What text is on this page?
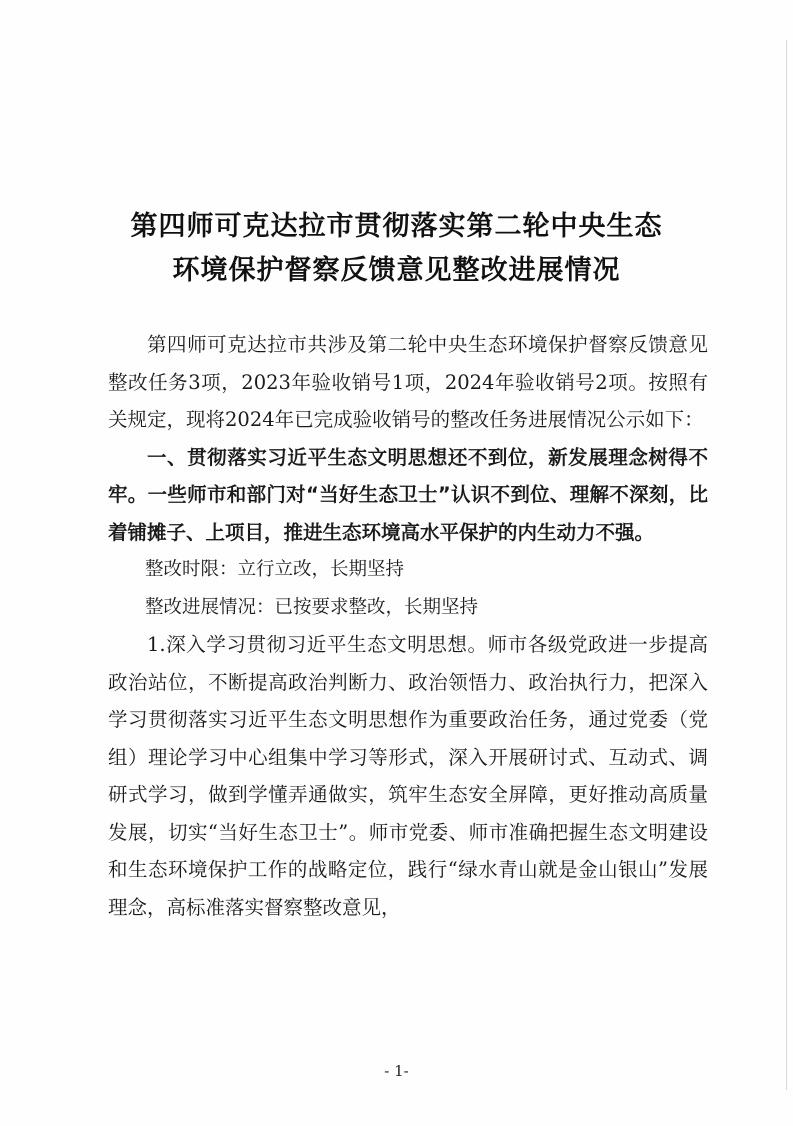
第四师可克达拉市贯彻落实第二轮中央生态
环境保护督察反馈意见整改进展情况

第四师可克达拉市共涉及第二轮中央生态环境保护督察反馈意见整改任务3项，2023年验收销号1项，2024年验收销号2项。按照有关规定，现将2024年已完成验收销号的整改任务进展情况公示如下：

一、贯彻落实习近平生态文明思想还不到位，新发展理念树得不牢。一些师市和部门对“当好生态卫士”认识不到位、理解不深刻，比着铺摊子、上项目，推进生态环境高水平保护的内生动力不强。

整改时限：立行立改，长期坚持

整改进展情况：已按要求整改，长期坚持

1.深入学习贯彻习近平生态文明思想。师市各级党政进一步提高政治站位，不断提高政治判断力、政治领悟力、政治执行力，把深入学习贯彻落实习近平生态文明思想作为重要政治任务，通过党委（党组）理论学习中心组集中学习等形式，深入开展研讨式、互动式、调研式学习，做到学懂弄通做实，筑牢生态安全屏障，更好推动高质量发展，切实“当好生态卫士”。师市党委、师市准确把握生态文明建设和生态环境保护工作的战略定位，践行“绿水青山就是金山银山”发展理念，高标准落实督察整改意见，

- 1-
